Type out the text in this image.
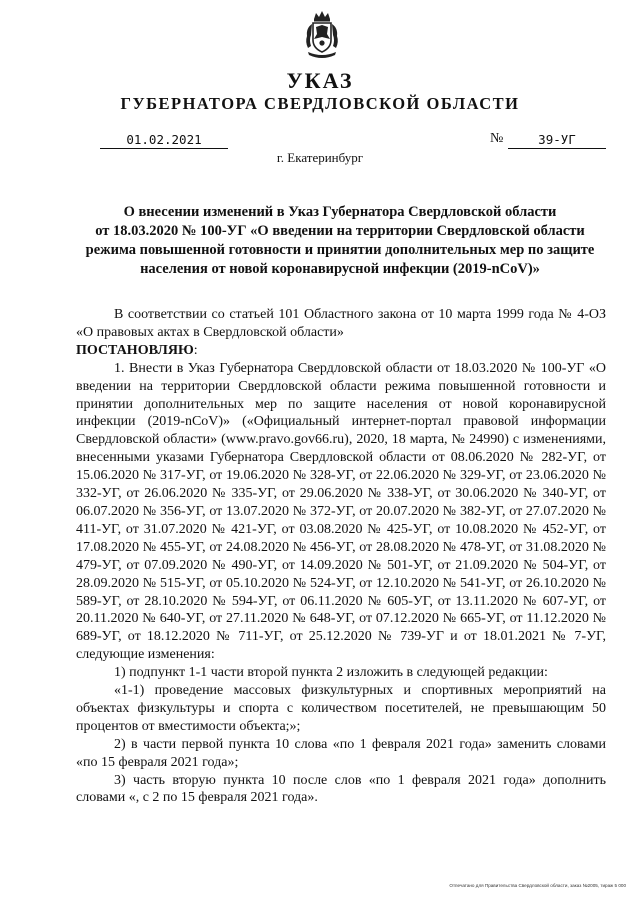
УКАЗ
ГУБЕРНАТОРА СВЕРДЛОВСКОЙ ОБЛАСТИ
01.02.2021	№	39-УГ
г. Екатеринбург
О внесении изменений в Указ Губернатора Свердловской области
от 18.03.2020 № 100-УГ «О введении на территории Свердловской области
режима повышенной готовности и принятии дополнительных мер по защите
населения от новой коронавирусной инфекции (2019-nCoV)»

В соответствии со статьей 101 Областного закона от 10 марта 1999 года № 4-ОЗ «О правовых актах в Свердловской области»

ПОСТАНОВЛЯЮ:

1. Внести в Указ Губернатора Свердловской области от 18.03.2020 № 100-УГ «О введении на территории Свердловской области режима повышенной готовности и принятии дополнительных мер по защите населения от новой коронавирусной инфекции (2019-nCoV)» («Официальный интернет-портал правовой информации Свердловской области» (www.pravo.gov66.ru), 2020, 18 марта, № 24990) с изменениями, внесенными указами Губернатора Свердловской области от 08.06.2020 № 282-УГ, от 15.06.2020 № 317-УГ, от 19.06.2020 № 328-УГ, от 22.06.2020 № 329-УГ, от 23.06.2020 № 332-УГ, от 26.06.2020 № 335-УГ, от 29.06.2020 № 338-УГ, от 30.06.2020 № 340-УГ, от 06.07.2020 № 356-УГ, от 13.07.2020 № 372-УГ, от 20.07.2020 № 382-УГ, от 27.07.2020 № 411-УГ, от 31.07.2020 № 421-УГ, от 03.08.2020 № 425-УГ, от 10.08.2020 № 452-УГ, от 17.08.2020 № 455-УГ, от 24.08.2020 № 456-УГ, от 28.08.2020 № 478-УГ, от 31.08.2020 № 479-УГ, от 07.09.2020 № 490-УГ, от 14.09.2020 № 501-УГ, от 21.09.2020 № 504-УГ, от 28.09.2020 № 515-УГ, от 05.10.2020 № 524-УГ, от 12.10.2020 № 541-УГ, от 26.10.2020 № 589-УГ, от 28.10.2020 № 594-УГ, от 06.11.2020 № 605-УГ, от 13.11.2020 № 607-УГ, от 20.11.2020 № 640-УГ, от 27.11.2020 № 648-УГ, от 07.12.2020 № 665-УГ, от 11.12.2020 № 689-УГ, от 18.12.2020 № 711-УГ, от 25.12.2020 № 739-УГ и от 18.01.2021 № 7-УГ, следующие изменения:

1) подпункт 1-1 части второй пункта 2 изложить в следующей редакции:

«1-1) проведение массовых физкультурных и спортивных мероприятий на объектах физкультуры и спорта с количеством посетителей, не превышающим 50 процентов от вместимости объекта;»;

2) в части первой пункта 10 слова «по 1 февраля 2021 года» заменить словами «по 15 февраля 2021 года»;

3) часть вторую пункта 10 после слов «по 1 февраля 2021 года» дополнить словами «, с 2 по 15 февраля 2021 года».

Отпечатано для Правительства Свердловской области, заказ №2005, тираж 5 000
